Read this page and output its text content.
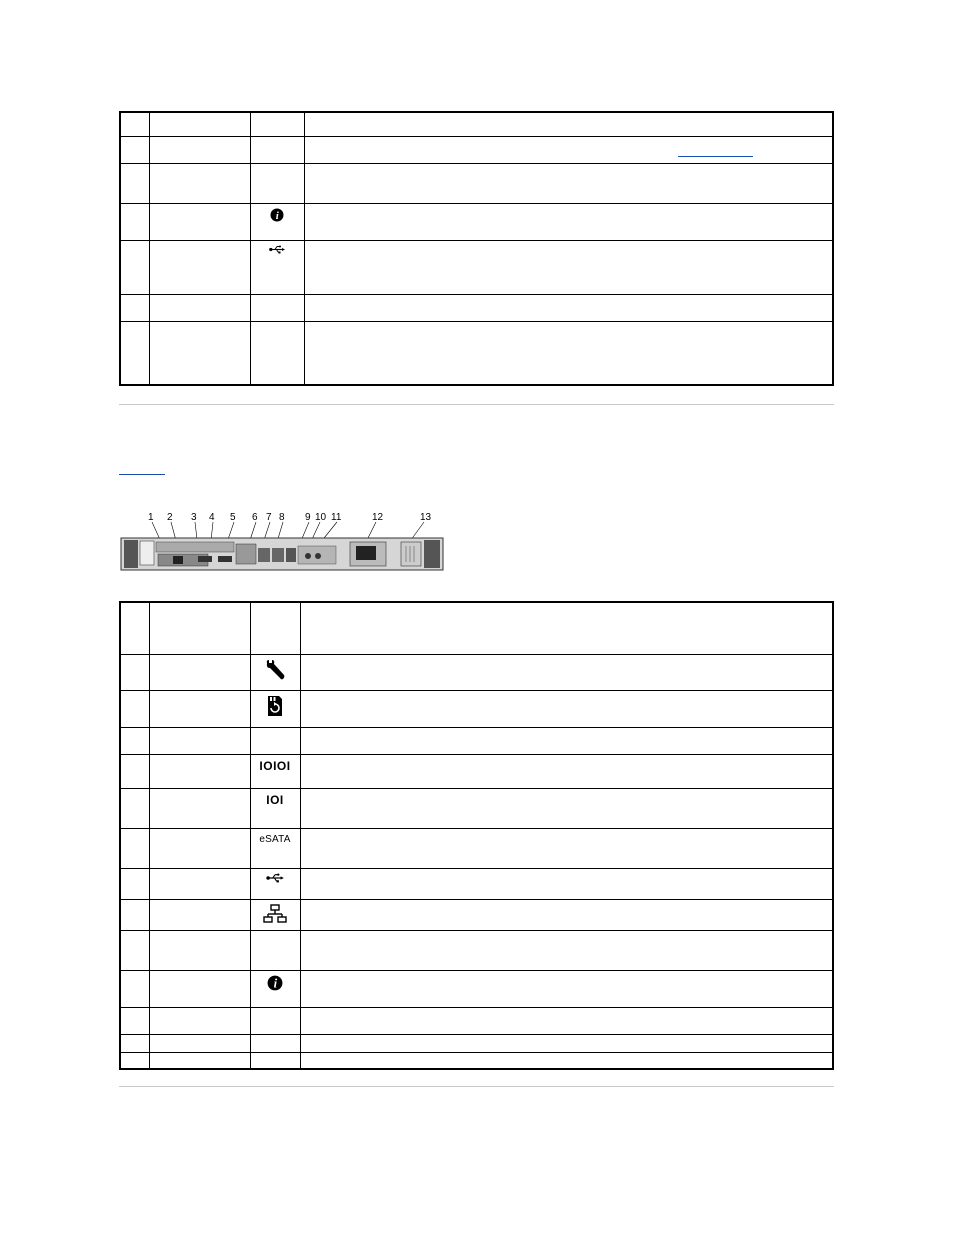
i	

1 2 3 4 5 6 7 8 9 10 11	12	13

		IOIOI	
		IOI	
		eSATA	

i	
